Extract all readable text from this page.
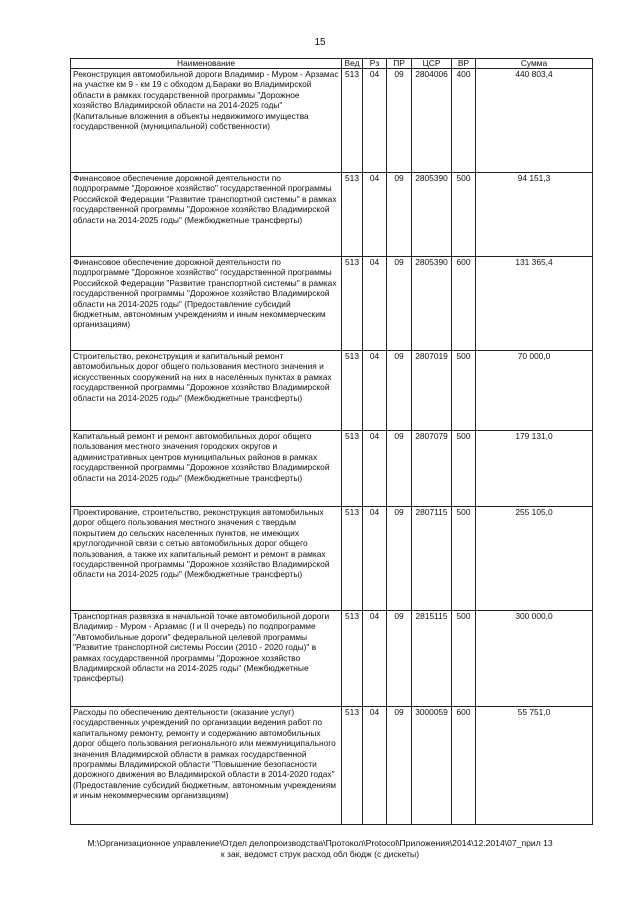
15
Наименование	Вед	Рз	ПР	ЦСР	ВР	Сумма
Реконструкция автомобильной дороги Владимир - Муром - Арзамас на участке км 9 - км 19 с обходом д.Бараки во Владимирской области в рамках государственной программы "Дорожное хозяйство Владимирской области на 2014-2025 годы" (Капитальные вложения в объекты недвижимого имущества государственной (муниципальной) собственности)	513	04	09	2804006	400	440 803,4
Финансовое обеспечение дорожной деятельности по подпрограмме "Дорожное хозяйство" государственной программы Российской Федерации "Развитие транспортной системы" в рамках государственной программы "Дорожное хозяйство Владимирской области на 2014-2025 годы" (Межбюджетные трансферты)	513	04	09	2805390	500	94 151,3
Финансовое обеспечение дорожной деятельности по подпрограмме "Дорожное хозяйство" государственной программы Российской Федерации "Развитие транспортной системы" в рамках государственной программы "Дорожное хозяйство Владимирской области на 2014-2025 годы" (Предоставление субсидий бюджетным, автономным учреждениям и иным некоммерческим организациям)	513	04	09	2805390	600	131 365,4
Строительство, реконструкция и капитальный ремонт автомобильных дорог общего пользования местного значения и искусственных сооружений на них в населённых пунктах в рамках государственной программы "Дорожное хозяйство Владимирской области на 2014-2025 годы" (Межбюджетные трансферты)	513	04	09	2807019	500	70 000,0
Капитальный ремонт и ремонт автомобильных дорог общего пользования местного значения городских округов и административных центров муниципальных районов в рамках государственной программы "Дорожное хозяйство Владимирской области на 2014-2025 годы" (Межбюджетные трансферты)	513	04	09	2807079	500	179 131,0
Проектирование, строительство, реконструкция автомобильных дорог общего пользования местного значения с твердым покрытием до сельских населенных пунктов, не имеющих круглогодичной связи с сетью автомобильных дорог общего пользования, а также их капитальный ремонт и ремонт в рамках государственной программы "Дорожное хозяйство Владимирской области на 2014-2025 годы" (Межбюджетные трансферты)	513	04	09	2807115	500	255 105,0
Транспортная развязка в начальной точке автомобильной дороги Владимир - Муром - Арзамас (I и II очередь) по подпрограмме "Автомобильные дороги" федеральной целевой программы "Развитие транспортной системы России (2010 - 2020 годы)" в рамках государственной программы "Дорожное хозяйство Владимирской области на 2014-2025 годы" (Межбюджетные трансферты)	513	04	09	2815115	500	300 000,0
Расходы по обеспечению деятельности (оказание услуг) государственных учреждений по организации ведения работ по капитальному ремонту, ремонту и содержанию автомобильных дорог общего пользования регионального или межмуниципального значения Владимирской области в рамках государственной программы Владимирской области "Повышение безопасности дорожного движения во Владимирской области в 2014-2020 годах" (Предоставление субсидий бюджетным, автономным учреждениям и иным некоммерческим организациям)	513	04	09	3000059	600	55 751,0
M:\Организационное управление\Отдел делопроизводства\Протокол\Protocol\Приложения\2014\12.2014\07_прил 13
к зак, ведомст струк расход обл бюдж (с дискеты)
